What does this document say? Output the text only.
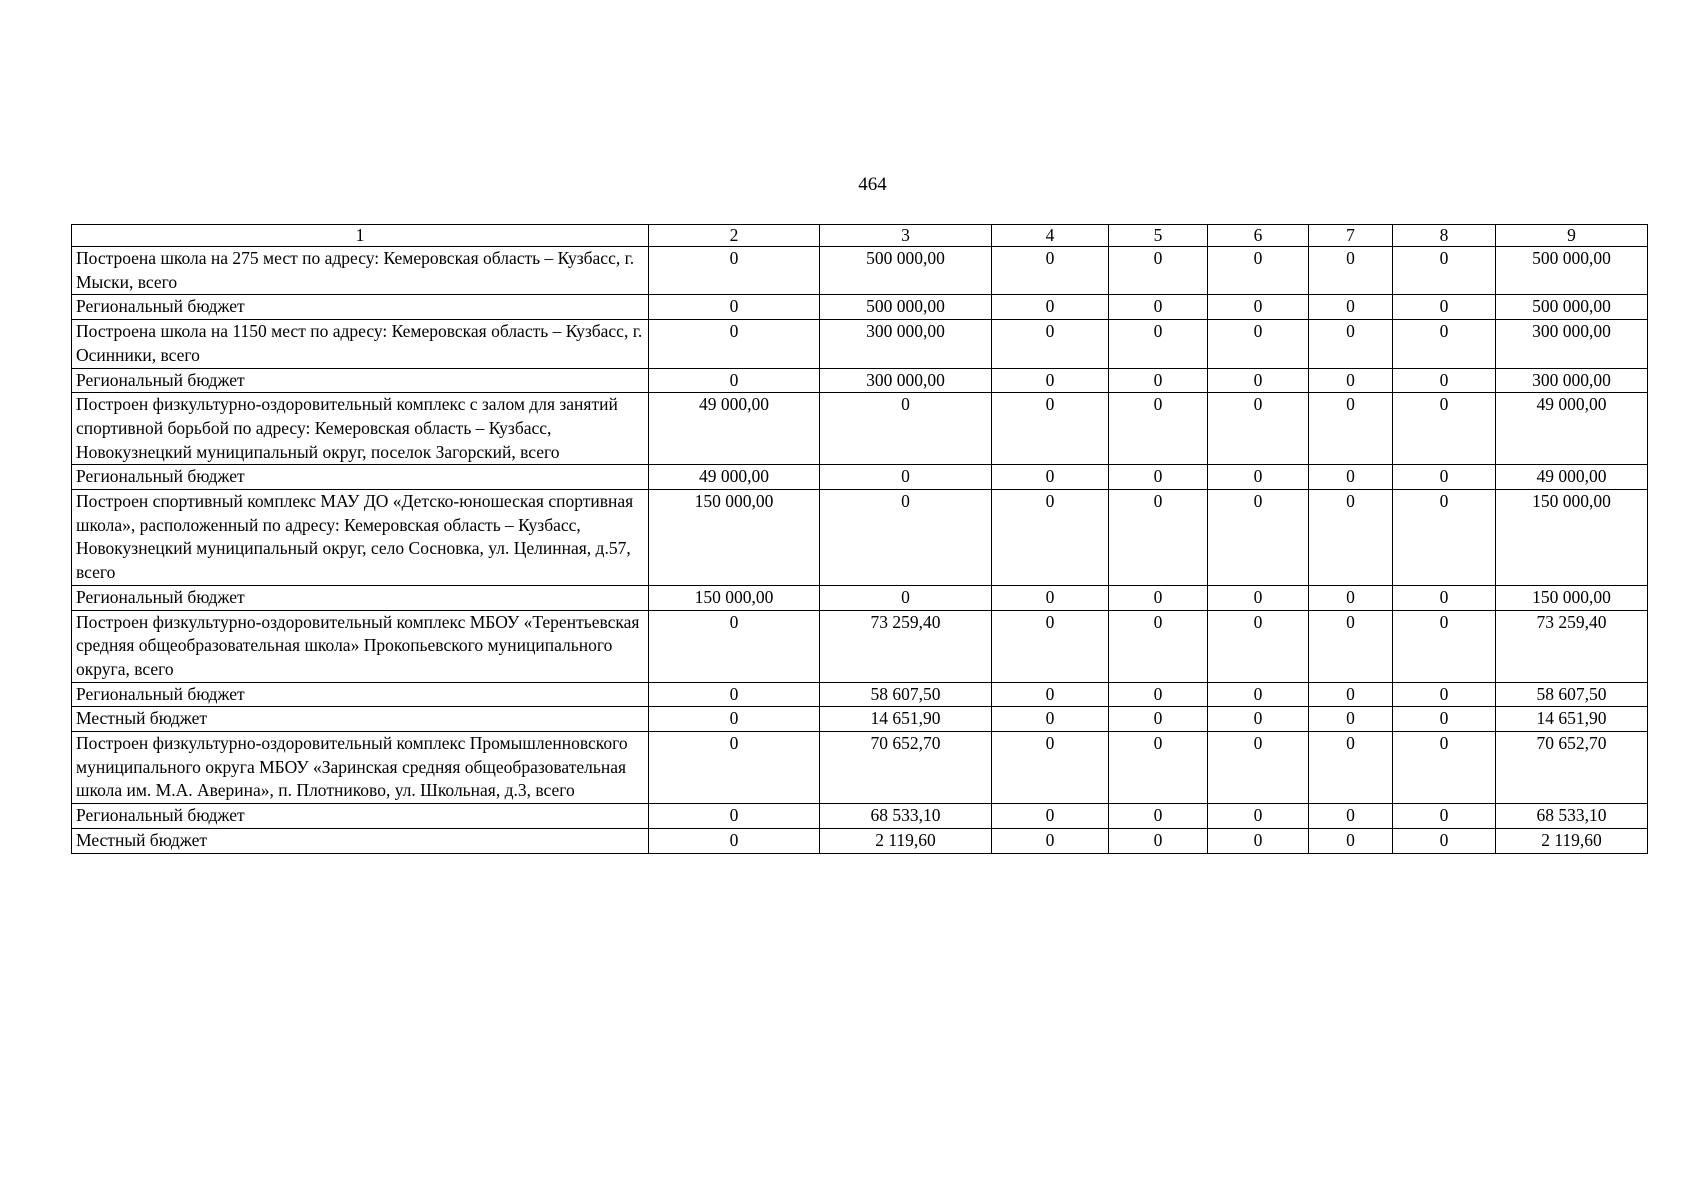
464
1	2	3	4	5	6	7	8	9
Построена школа на 275 мест по адресу: Кемеровская область – Кузбасс, г. Мыски, всего	0	500 000,00	0	0	0	0	0	500 000,00
Региональный бюджет	0	500 000,00	0	0	0	0	0	500 000,00
Построена школа на 1150 мест по адресу: Кемеровская область – Кузбасс, г. Осинники, всего	0	300 000,00	0	0	0	0	0	300 000,00
Региональный бюджет	0	300 000,00	0	0	0	0	0	300 000,00
Построен физкультурно-оздоровительный комплекс с залом для занятий спортивной борьбой по адресу: Кемеровская область – Кузбасс, Новокузнецкий муниципальный округ, поселок Загорский, всего	49 000,00	0	0	0	0	0	0	49 000,00
Региональный бюджет	49 000,00	0	0	0	0	0	0	49 000,00
Построен спортивный комплекс МАУ ДО «Детско-юношеская спортивная школа», расположенный по адресу: Кемеровская область – Кузбасс, Новокузнецкий муниципальный округ, село Сосновка, ул. Целинная, д.57, всего	150 000,00	0	0	0	0	0	0	150 000,00
Региональный бюджет	150 000,00	0	0	0	0	0	0	150 000,00
Построен физкультурно-оздоровительный комплекс МБОУ «Терентьевская средняя общеобразовательная школа» Прокопьевского муниципального округа, всего	0	73 259,40	0	0	0	0	0	73 259,40
Региональный бюджет	0	58 607,50	0	0	0	0	0	58 607,50
Местный бюджет	0	14 651,90	0	0	0	0	0	14 651,90
Построен физкультурно-оздоровительный комплекс Промышленновского муниципального округа МБОУ «Заринская средняя общеобразовательная школа им. М.А. Аверина», п. Плотниково, ул. Школьная, д.3, всего	0	70 652,70	0	0	0	0	0	70 652,70
Региональный бюджет	0	68 533,10	0	0	0	0	0	68 533,10
Местный бюджет	0	2 119,60	0	0	0	0	0	2 119,60
